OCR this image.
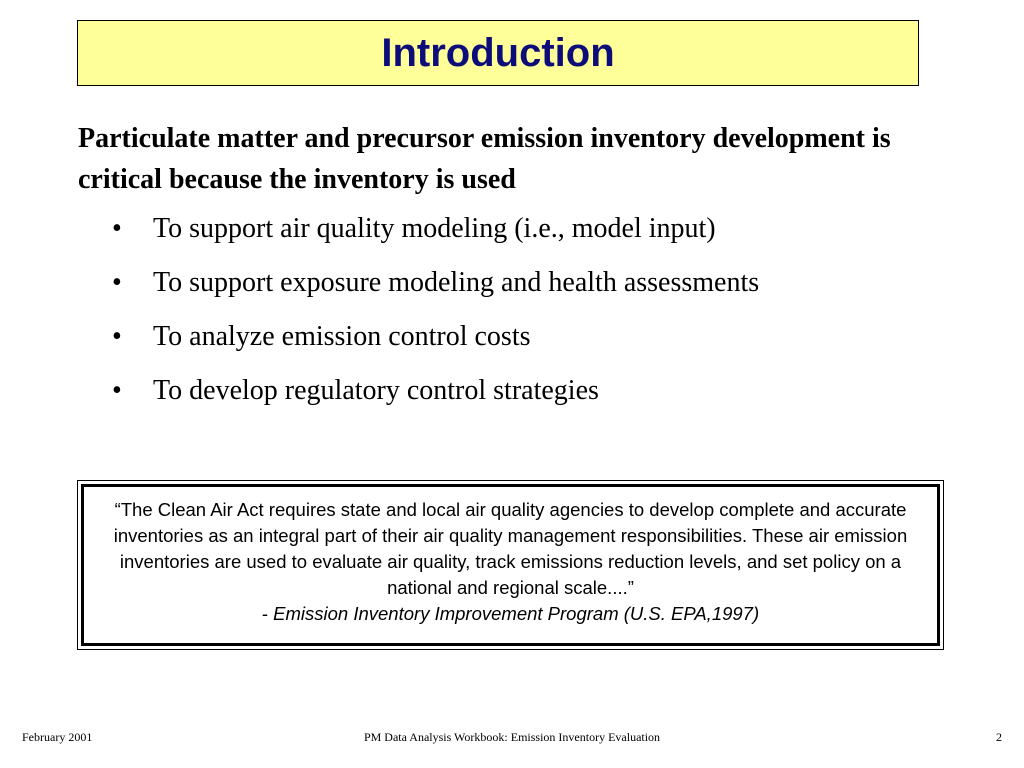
Introduction
Particulate matter and precursor emission inventory development is critical because the inventory is used
• To support air quality modeling (i.e., model input)
• To support exposure modeling and health assessments
• To analyze emission control costs
• To develop regulatory control strategies
“The Clean Air Act requires state and local air quality agencies to develop complete and accurate inventories as an integral part of their air quality management responsibilities. These air emission inventories are used to evaluate air quality, track emissions reduction levels, and set policy on a national and regional scale....”
- Emission Inventory Improvement Program (U.S. EPA,1997)
February 2001	PM Data Analysis Workbook: Emission Inventory Evaluation	2
